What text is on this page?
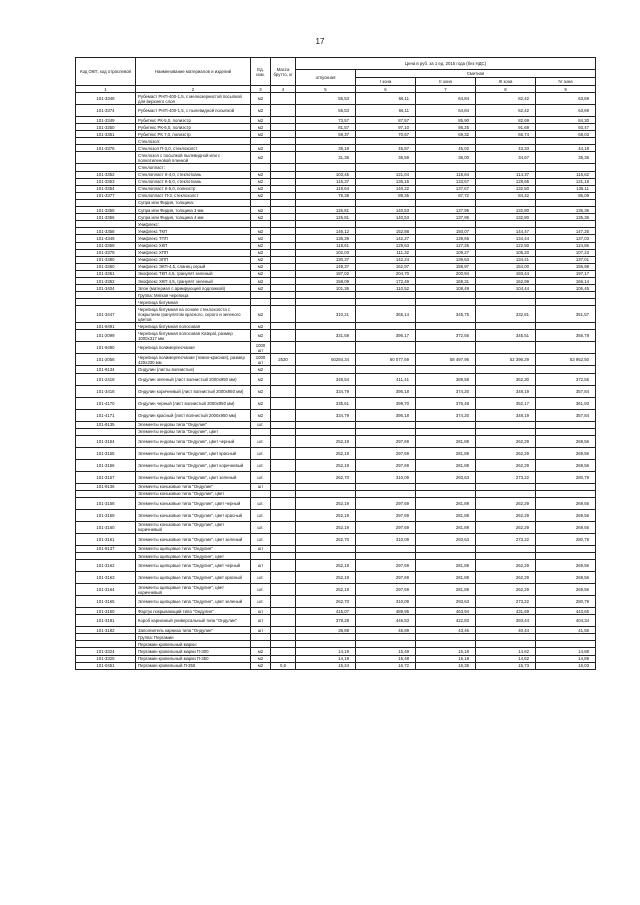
17
Код ОКП, код отраслевой	Наименование материалов и изделий	Ед. изм.	Масса брутто, кг	Цена в руб. за 1 ед. 2015 года (без НДС)				
				отпускная	Сметная			
					I зона	II зона	III зона	IV зона
1	2	3	4	5	6	7	8	9
101-3348	Рубемаст РНП-400-1,5, с мелкозернистой посыпкой для верхнего слоя	м2		55,53	66,11	64,84	62,42	63,69
101-3374	Рубемаст РНП-400-1,5, с пылевидной посыпкой	м2		55,53	66,11	64,84	62,42	63,69
101-3349	Рубитекс РК-5,0, полиэстр	м2		73,57	87,57	85,90	82,69	84,30
101-3350	Рубитекс РК-6,0, полиэстр	м2		81,57	97,10	95,25	91,69	93,47
101-3351	Рубитекс РК 7,0, полиэстр	м2		59,37	70,67	69,32	66,74	68,03
	Стеклозол:							
101-3376	Стеклозол П-3,0, стеклохолст	м2		39,19	45,87	45,02	43,33	44,18
	Стеклозол с посыпкой пылевидной или с полиэтиленовой пленкой	м2		31,36	36,59	36,00	34,67	35,36
	Стеклопласт:							
101-3352	Стеклопласт К-4,0, стеклоткань	м2		103,45	121,04	118,84	114,37	116,62
101-3353	Стеклопласт К-5,0, стеклоткань	м2		115,37	136,15	133,67	128,65	131,19
101-3354	Стеклопласт К-5,0, полиэстр	м2		119,64	140,22	137,67	132,50	135,11
101-3377	Стеклопласт П-3, стеклохолст	м2		76,38	89,35	87,72	84,42	86,09
	Супра или Фидия, толщина:							
101-3355	Супра или Фидия, толщина 3 мм	м2		126,81	140,53	137,95	132,80	135,36
101-3356	Супра или Фидия, толщина 4 мм	м2		126,81	140,53	137,95	132,80	135,36
	Унифлекс:							
101-3358	Унифлекс ТКП	м2		146,12	152,88	150,07	144,47	147,25
101-4349	Унифлекс ТПП	м2		136,39	142,27	139,65	134,44	137,03
101-3359	Унифлекс ХКП	м2		118,61	129,63	127,25	122,50	124,86
101-3379	Унифлекс ХПП	м2		102,03	111,32	109,27	105,20	107,23
101-3380	Унифлекс ЭПП	м2		130,37	142,24	139,63	134,41	137,01
101-3360	Унифлекс ЭКП-4,5, сланец серый	м2		149,37	162,97	159,97	154,00	156,98
101-3361	Экофлекс ТКП 4,5, гранулят зеленый	м2		187,02	204,70	200,94	193,44	197,17
101-3362	Экофлекс ХКП 4,5, гранулят зеленый	м2		158,09	172,49	169,31	162,99	166,14
101-3404	Элон (материал с армирующей подложкой)	м2		101,36	110,52	108,49	104,44	106,45
	Группа: Мягкая черепица							
	Черепица битумная							
101-3447	Черепица битумная на основе стеклохолста с покрытием гранулятом красного, серого и зеленого цветов	м2		310,21	365,14	345,75	332,81	351,57
101-9491	Черепица битумная полосовая	м2						
101-2099	Черепица битумная полосовая Katepal, размер 1000х317 мм	м2		331,59	396,17	372,56	345,51	356,78
101-9490	Черепица полимерпесчаная	1000 шт						
101-2058	Черепица полимерпесчаная (темно-красная), размер 420х330 мм	1000 шт	2530	50284,34	60 077,69	58 497,96	52 396,29	53 952,50
101-9134	Ондулин (листы волнистые)	м2						
101-2418	Ондулин зеленый (лист волнистый 2000х950 мм)	м2		348,54	411,41	389,58	362,30	372,55
101-3418	Ондулин коричневый (лист волнистый 2000х950 мм)	м2		334,79	395,18	374,20	348,19	357,84
101-4170	Ондулин черный (лист волнистый 2000х950 мм)	м2		335,61	399,70	376,48	352,17	361,93
101-4171	Ондулин красный (лист волнистый 2000х950 мм)	м2		334,79	395,18	374,20	348,19	357,84
101-9135	Элементы ендовы типа "Ондулин"	шт.						
	Элементы ендовы типа "Ондулин", цвет							
101-3154	Элементы ендовы типа "Ондулин", цвет черный	шт.		252,19	297,69	281,89	262,29	269,56
101-3155	Элементы ендовы типа "Ондулин", цвет красный	шт.		252,19	297,69	281,89	262,29	269,56
101-3156	Элементы ендовы типа "Ондулин", цвет коричневый	шт.		252,19	297,69	281,89	262,29	269,56
101-3157	Элементы ендовы типа "Ондулин", цвет зеленый	шт.		262,70	310,09	293,63	273,22	280,79
101-9136	Элементы коньковые типа "Ондулин"	шт						
	Элементы коньковые типа "Ондулин", цвет							
101-3158	Элементы коньковые типа "Ондулин", цвет черный	шт.		252,19	297,69	281,89	262,29	269,56
101-3159	Элементы коньковые типа "Ондулин", цвет красный	шт.		252,19	297,69	281,89	262,29	269,56
101-3160	Элементы коньковые типа "Ондулин", цвет коричневый	шт.		252,19	297,69	281,89	262,29	269,56
101-3161	Элементы коньковые типа "Ондулин", цвет зеленый	шт.		262,70	310,09	293,63	273,22	280,79
101-9137	Элементы щипцовые типа "Ондулин"	шт						
	Элементы щипцовые типа "Ондулин", цвет							
101-3162	Элементы щипцовые типа "Ондулин", цвет черный	шт		252,19	297,69	281,89	262,29	269,56
101-3163	Элементы щипцовые типа "Ондулин", цвет красный	шт.		252,19	297,69	281,89	262,29	269,56
101-3164	Элементы щипцовые типа "Ондулин", цвет коричневый	шт.		252,19	297,69	281,89	262,29	269,56
101-3165	Элементы щипцовые типа "Ондулин", цвет зеленый	шт.		262,70	310,09	293,63	273,22	280,79
101-3150	Фартук покрывающий типа "Ондулин"	шт		415,07	489,95	463,94	431,69	443,65
101-3181	Короб карнизный универсальный типа "Ондулин"	шт		378,28	446,53	422,83	393,44	404,34
101-3182	Заполнитель карниза типа "Ондулин"	шт		38,88	45,89	43,46	40,44	41,56
	Группа: Пергамин							
	Пергамин кровельный марки:							
101-3324	Пергамин кровельный марки П-300	м2		14,19	15,48	15,18	14,62	14,88
101-3325	Пергамин кровельный марки П-350	м2		14,19	15,48	15,18	14,62	14,89
101-0451	Пергамин кровельный П-350	м2	0,6	15,24	16,72	16,35	15,73	16,03
